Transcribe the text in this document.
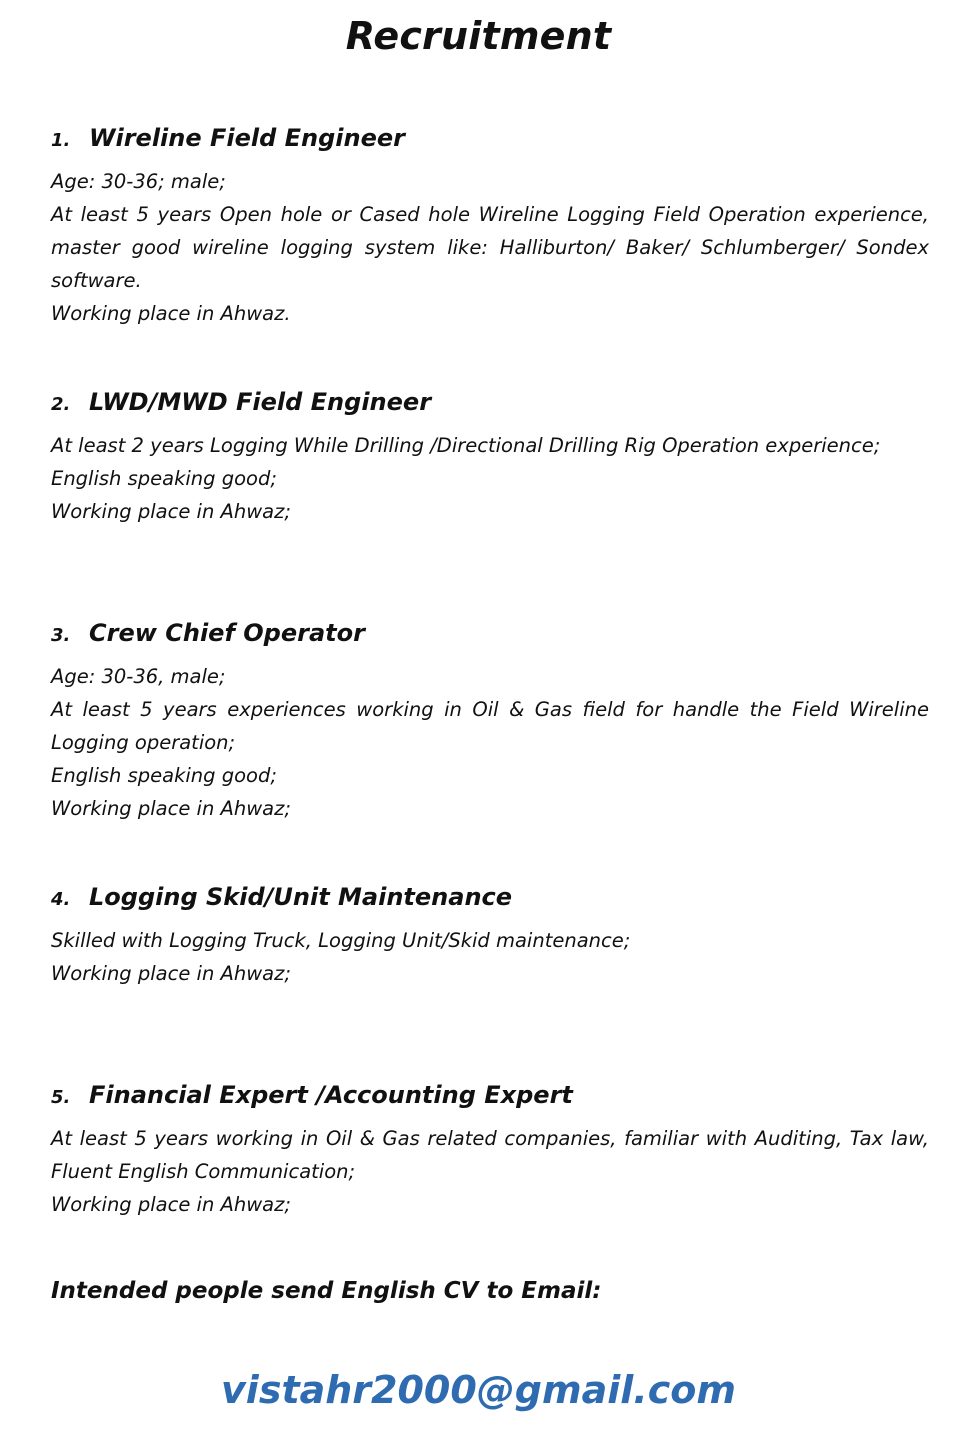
Recruitment
1. Wireline Field Engineer
Age: 30-36; male;
At least 5 years Open hole or Cased hole Wireline Logging Field Operation experience, master good wireline logging system like: Halliburton/ Baker/ Schlumberger/ Sondex software.
Working place in Ahwaz.
2. LWD/MWD Field Engineer
At least 2 years Logging While Drilling /Directional Drilling Rig Operation experience;
English speaking good;
Working place in Ahwaz;
3. Crew Chief Operator
Age: 30-36, male;
At least 5 years experiences working in Oil & Gas field for handle the Field Wireline Logging operation;
English speaking good;
Working place in Ahwaz;
4. Logging Skid/Unit Maintenance
Skilled with Logging Truck, Logging Unit/Skid maintenance;
Working place in Ahwaz;
5. Financial Expert /Accounting Expert
At least 5 years working in Oil & Gas related companies, familiar with Auditing, Tax law, Fluent English Communication;
Working place in Ahwaz;
Intended people send English CV to Email:
vistahr2000@gmail.com
